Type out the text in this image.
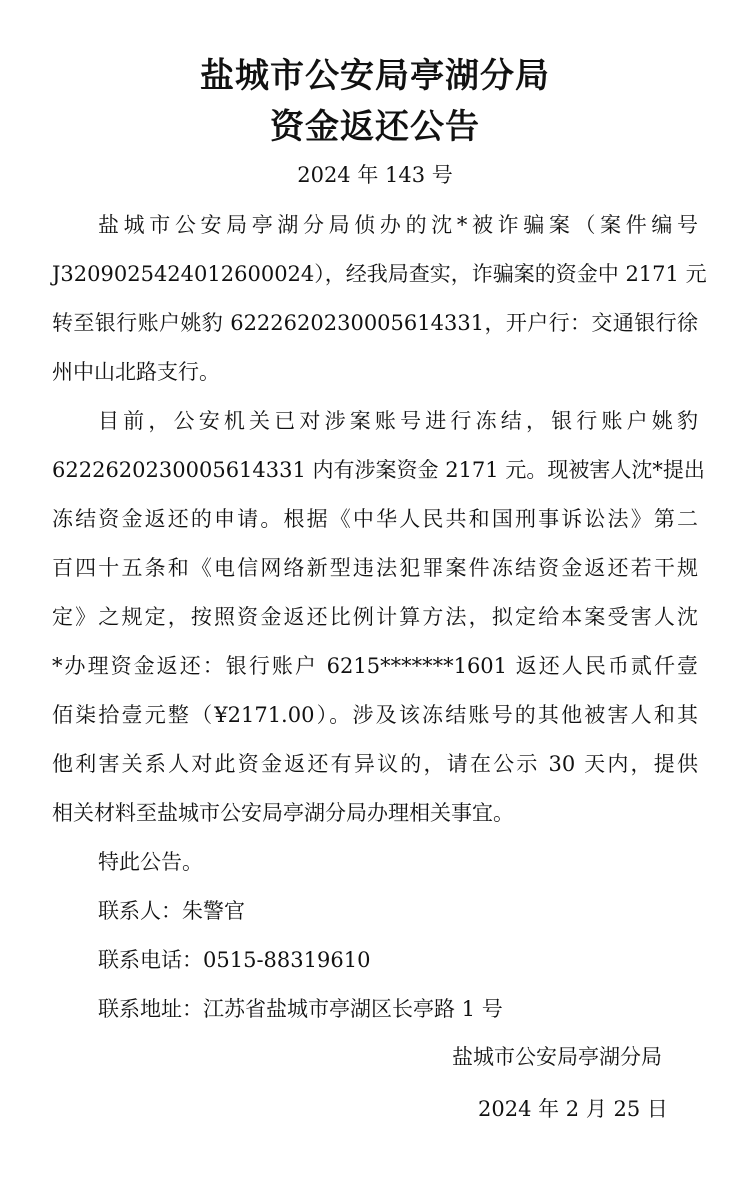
盐城市公安局亭湖分局
资金返还公告
2024 年 143 号
盐城市公安局亭湖分局侦办的沈*被诈骗案（案件编号
J3209025424012600024），经我局查实，诈骗案的资金中 2171 元
转至银行账户姚豹 6222620230005614331，开户行：交通银行徐
州中山北路支行。
目前，公安机关已对涉案账号进行冻结，银行账户姚豹
6222620230005614331 内有涉案资金 2171 元。现被害人沈*提出
冻结资金返还的申请。根据《中华人民共和国刑事诉讼法》第二
百四十五条和《电信网络新型违法犯罪案件冻结资金返还若干规
定》之规定，按照资金返还比例计算方法，拟定给本案受害人沈
*办理资金返还：银行账户 6215*******1601 返还人民币贰仟壹
佰柒拾壹元整（¥2171.00）。涉及该冻结账号的其他被害人和其
他利害关系人对此资金返还有异议的，请在公示 30 天内，提供
相关材料至盐城市公安局亭湖分局办理相关事宜。
特此公告。
联系人：朱警官
联系电话：0515-88319610
联系地址：江苏省盐城市亭湖区长亭路 1 号
盐城市公安局亭湖分局
2024 年 2 月 25 日
